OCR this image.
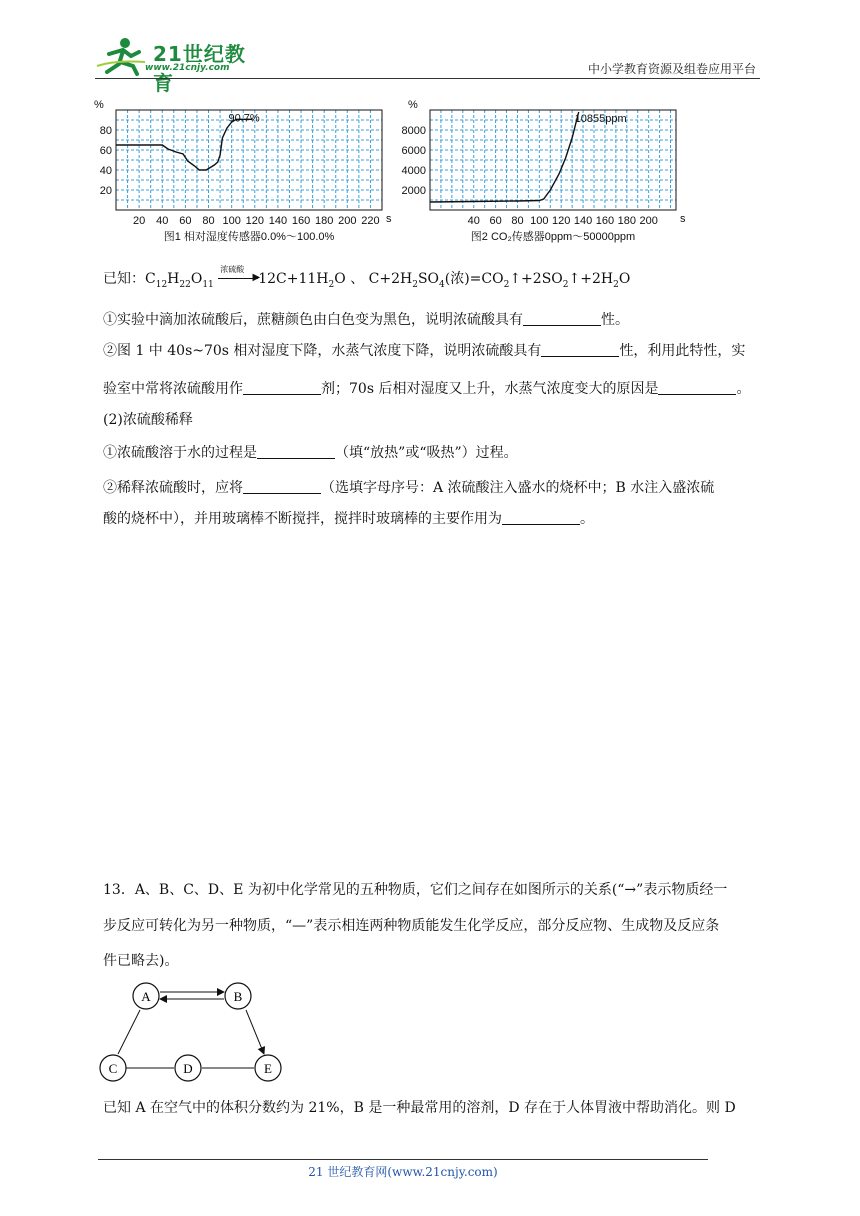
21世纪教育
www.21cnjy.com	中小学教育资源及组卷应用平台
%
s
20
40
60
80
20 40 60 80 100 120 140 160 180 200 220
90.7%
图1 相对湿度传感器0.0%～100.0%
%
s
2000
4000
6000
8000
40 60 80 100 120 140 160 180 200
10855ppm
图2 CO₂传感器0ppm～50000ppm
已知：$C_{12}H_{22}O_{11}$
浓硫酸
▶
$12C+11H_2O$ 、 $C+2H_2SO_4$(浓)$=CO_2↑+2SO_2↑+2H_2O$
①实验中滴加浓硫酸后，蔗糖颜色由白色变为黑色，说明浓硫酸具有	性。
②图 1 中 40s~70s 相对湿度下降，水蒸气浓度下降，说明浓硫酸具有	性，利用此特性，实
验室中常将浓硫酸用作	剂；70s 后相对湿度又上升，水蒸气浓度变大的原因是	。
(2)浓硫酸稀释
①浓硫酸溶于水的过程是	（填“放热”或“吸热”）过程。
②稀释浓硫酸时，应将	（选填字母序号：A 浓硫酸注入盛水的烧杯中；B 水注入盛浓硫
酸的烧杯中），并用玻璃棒不断搅拌，搅拌时玻璃棒的主要作用为	。
13．A、B、C、D、E 为初中化学常见的五种物质，它们之间存在如图所示的关系(“→”表示物质经一
步反应可转化为另一种物质，“—”表示相连两种物质能发生化学反应，部分反应物、生成物及反应条
件已略去)。
A	B
C	D	E
已知 A 在空气中的体积分数约为 21%，B 是一种最常用的溶剂，D 存在于人体胃液中帮助消化。则 D
21 世纪教育网(www.21cnjy.com)
